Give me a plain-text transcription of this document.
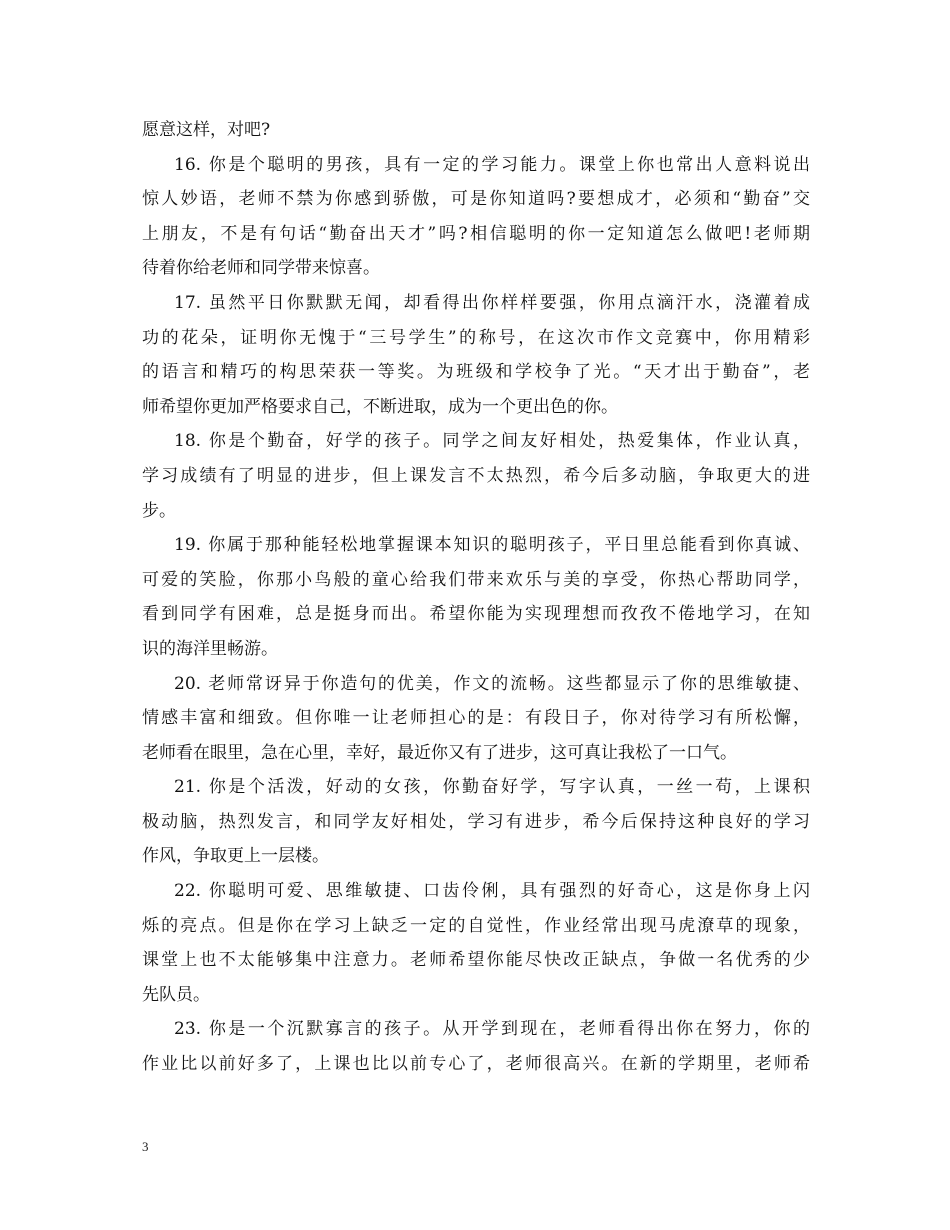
愿意这样，对吧?
16. 你是个聪明的男孩，具有一定的学习能力。课堂上你也常出人意料说出
惊人妙语，老师不禁为你感到骄傲，可是你知道吗?要想成才，必须和“勤奋”交
上朋友，不是有句话“勤奋出天才”吗?相信聪明的你一定知道怎么做吧!老师期
待着你给老师和同学带来惊喜。
17. 虽然平日你默默无闻，却看得出你样样要强，你用点滴汗水，浇灌着成
功的花朵，证明你无愧于“三号学生”的称号，在这次市作文竞赛中，你用精彩
的语言和精巧的构思荣获一等奖。为班级和学校争了光。“天才出于勤奋”，老
师希望你更加严格要求自己，不断进取，成为一个更出色的你。
18. 你是个勤奋，好学的孩子。同学之间友好相处，热爱集体，作业认真，
学习成绩有了明显的进步，但上课发言不太热烈，希今后多动脑，争取更大的进
步。
19. 你属于那种能轻松地掌握课本知识的聪明孩子，平日里总能看到你真诚、
可爱的笑脸，你那小鸟般的童心给我们带来欢乐与美的享受，你热心帮助同学，
看到同学有困难，总是挺身而出。希望你能为实现理想而孜孜不倦地学习，在知
识的海洋里畅游。
20. 老师常讶异于你造句的优美，作文的流畅。这些都显示了你的思维敏捷、
情感丰富和细致。但你唯一让老师担心的是：有段日子，你对待学习有所松懈，
老师看在眼里，急在心里，幸好，最近你又有了进步，这可真让我松了一口气。
21. 你是个活泼，好动的女孩，你勤奋好学，写字认真，一丝一苟，上课积
极动脑，热烈发言，和同学友好相处，学习有进步，希今后保持这种良好的学习
作风，争取更上一层楼。
22. 你聪明可爱、思维敏捷、口齿伶俐，具有强烈的好奇心，这是你身上闪
烁的亮点。但是你在学习上缺乏一定的自觉性，作业经常出现马虎潦草的现象，
课堂上也不太能够集中注意力。老师希望你能尽快改正缺点，争做一名优秀的少
先队员。
23. 你是一个沉默寡言的孩子。从开学到现在，老师看得出你在努力，你的
作业比以前好多了，上课也比以前专心了，老师很高兴。在新的学期里，老师希
3
